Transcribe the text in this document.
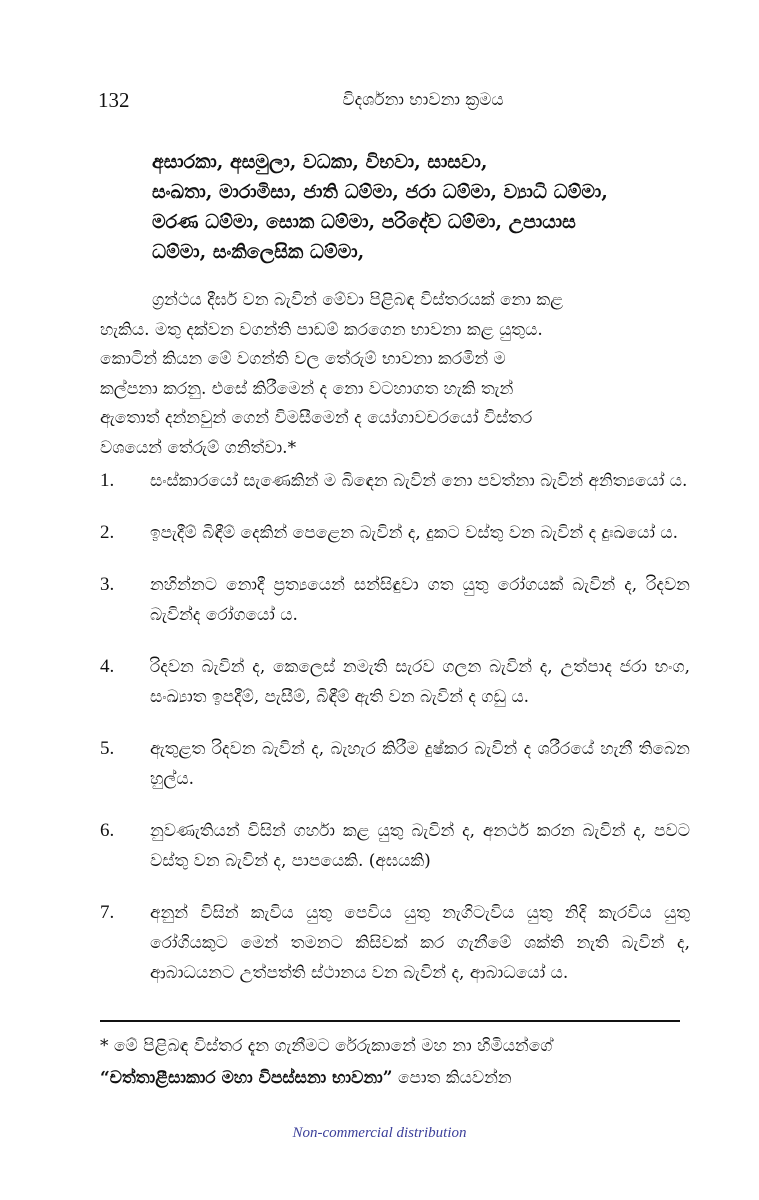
132	විදර්ශනා භාවනා ක්‍රමය
අසාරකා, අසමුලා, වධකා, විභවා, සාසවා,
සංඛතා, මාරාමිසා, ජාති ධම්මා, ජරා ධම්මා, ව්‍යාධි ධම්මා,
මරණ ධම්මා, සොක ධම්මා, පරිදේව ධම්මා, උපායාස
ධම්මා, සංකිලෙසික ධම්මා,
ග්‍රන්ථය දීර්ඝ වන බැවින් මේවා පිළිබඳ විස්තරයක් නො කළ
හැකිය. මතු දක්වන වගන්ති පාඩම් කරගෙන භාවනා කළ යුතුය.
කොටින් කියන මේ වගන්ති වල තේරුම් භාවනා කරමින් ම
කල්පනා කරනු. එසේ කිරීමෙන් ද නො වටහාගත හැකි තැන්
ඇතොත් දන්නවුන් ගෙන් විමසීමෙන් ද යෝගාවචරයෝ විස්තර
වශයෙන් තේරුම් ගනිත්වා.*
1.	සංස්කාරයෝ සැණෙකින් ම බිඳෙන බැවින් නො පවත්නා බැවින් අනිත්‍යයෝ ය.
2.	ඉපැදීම් බිඳීම් දෙකින් පෙළෙන බැවින් ද, දුකට වස්තු වන බැවින් ද දුඃඛයෝ ය.
3.	නහින්නට නොදී ප්‍රත්‍යයෙන් සන්සිඳුවා ගත යුතු රෝගයක් බැවින් ද, රිදවන බැවින්ද රෝගයෝ ය.
4.	රිදවන බැවින් ද, කෙලෙස් නමැති සැරව ගලන බැවින් ද, උත්පාද ජරා භංග, සංඛ්‍යාත ඉපදීම්, පැසීම්, බිඳීම් ඇති වන බැවින් ද ගඩු ය.
5.	ඇතුළත රිදවන බැවින් ද, බැහැර කිරීම දුෂ්කර බැවින් ද ශරීරයේ හැනී තිබෙන හුල්ය.
6.	නුවණැතියන් විසින් ගර්හා කළ යුතු බැවින් ද, අනර්ථ කරන බැවින් ද, පවට වස්තු වන බැවින් ද, පාපයෙකි. (අඝයකි)
7.	අනුන් විසින් කැවිය යුතු පෙවිය යුතු නැගිටැවිය යුතු නිදි කැරවිය යුතු රෝගියකුට මෙන් තමනට කිසිවක් කර ගැනීමේ ශක්ති නැති බැවින් ද, ආබාධයනට උත්පත්ති ස්ථානය වන බැවින් ද, ආබාධයෝ ය.
* මේ පිළිබඳ විස්තර දැන ගැනීමට රේරුකානේ මහ නා හිමියන්ගේ
“චත්තාළීසාකාර මහා විපස්සනා භාවනා” පොත කියවන්න
Non-commercial distribution
